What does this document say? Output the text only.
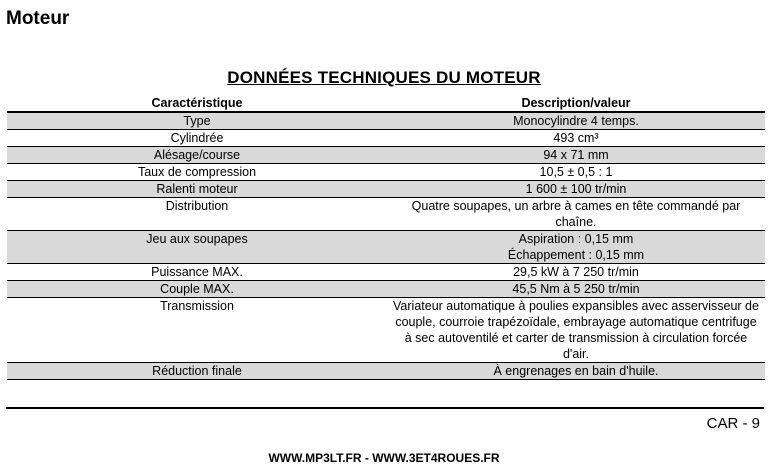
Moteur
DONNÉES TECHNIQUES DU MOTEUR
Caractéristique	Description/valeur
Type	Monocylindre 4 temps.
Cylindrée	493 cm³
Alésage/course	94 x 71 mm
Taux de compression	10,5 ± 0,5 : 1
Ralenti moteur	1 600 ± 100 tr/min
Distribution	Quatre soupapes, un arbre à cames en tête commandé par chaîne.
Jeu aux soupapes	Aspiration : 0,15 mm
Échappement : 0,15 mm

Puissance MAX.	29,5 kW à 7 250 tr/min
Couple MAX.	45,5 Nm à 5 250 tr/min
Transmission	Variateur automatique à poulies expansibles avec asservisseur de couple, courroie trapézoïdale, embrayage automatique centrifuge à sec autoventilé et carter de transmission à circulation forcée d'air.
Réduction finale	À engrenages en bain d'huile.
CAR - 9
WWW.MP3LT.FR - WWW.3ET4ROUES.FR
